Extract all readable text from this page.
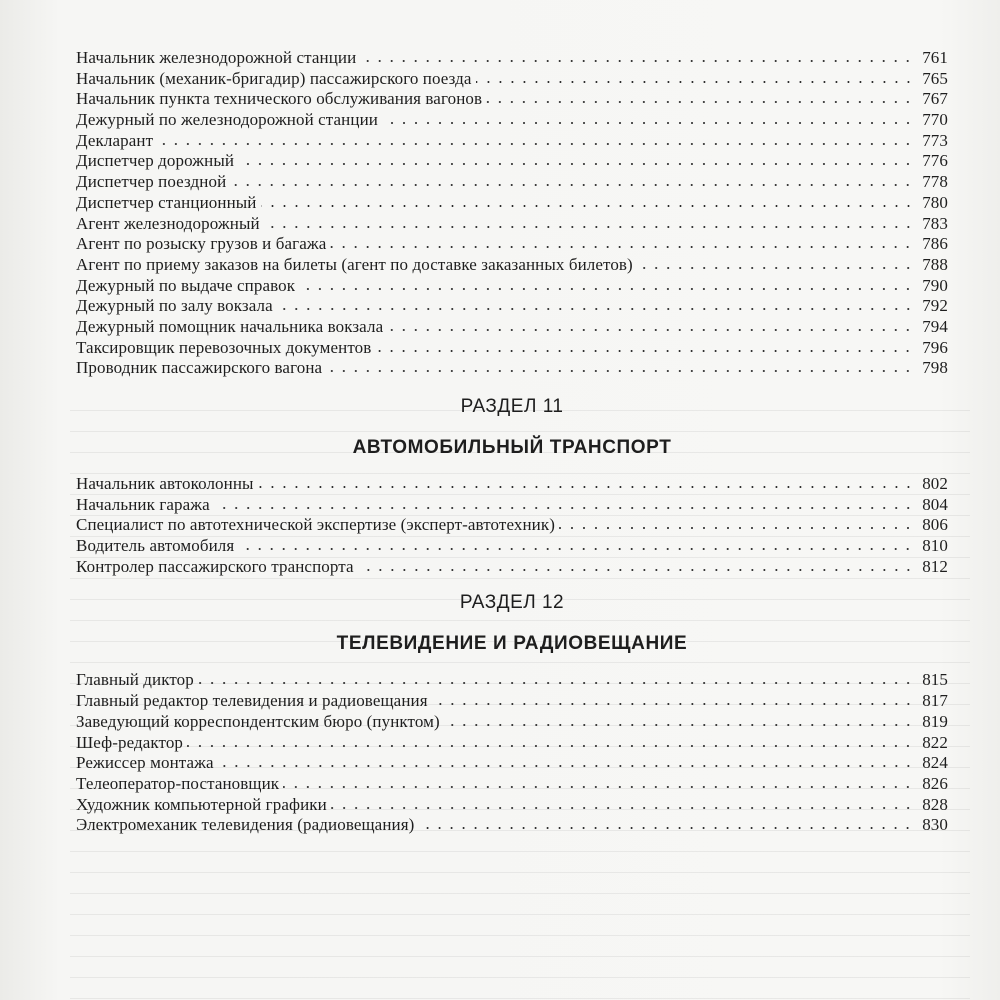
Начальник железнодорожной станции	761
Начальник (механик-бригадир) пассажирского поезда	765
Начальник пункта технического обслуживания вагонов	767
Дежурный по железнодорожной станции	770
Декларант	773
Диспетчер дорожный	776
Диспетчер поездной	778
Диспетчер станционный	780
Агент железнодорожный	783
Агент по розыску грузов и багажа	786
Агент по приему заказов на билеты (агент по доставке заказанных билетов)	788
Дежурный по выдаче справок	790
Дежурный по залу вокзала	792
Дежурный помощник начальника вокзала	794
Таксировщик перевозочных документов	796
Проводник пассажирского вагона	798
РАЗДЕЛ 11
АВТОМОБИЛЬНЫЙ ТРАНСПОРТ
Начальник автоколонны	802
Начальник гаража	804
Специалист по автотехнической экспертизе (эксперт-автотехник)	806
Водитель автомобиля	810
Контролер пассажирского транспорта	812
РАЗДЕЛ 12
ТЕЛЕВИДЕНИЕ И РАДИОВЕЩАНИЕ
Главный диктор	815
Главный редактор телевидения и радиовещания	817
Заведующий корреспондентским бюро (пунктом)	819
Шеф-редактор	822
Режиссер монтажа	824
Телеоператор-постановщик	826
Художник компьютерной графики	828
Электромеханик телевидения (радиовещания)	830
